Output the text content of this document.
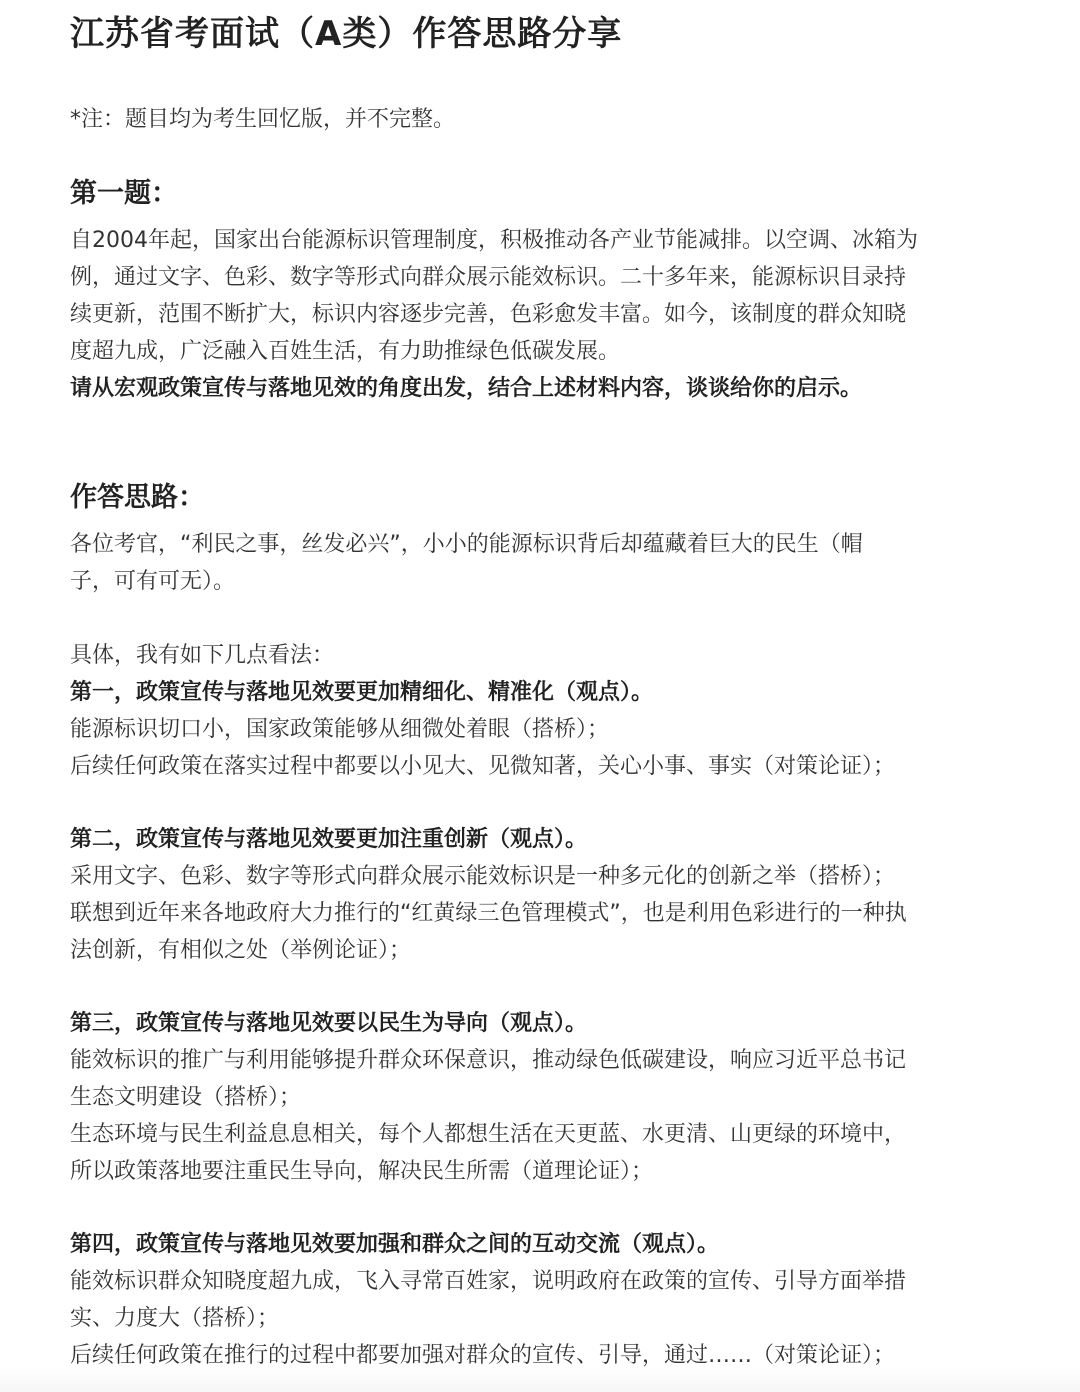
江苏省考面试（A类）作答思路分享
*注：题目均为考生回忆版，并不完整。
第一题：

自2004年起，国家出台能源标识管理制度，积极推动各产业节能减排。以空调、冰箱为

例，通过文字、色彩、数字等形式向群众展示能效标识。二十多年来，能源标识目录持

续更新，范围不断扩大，标识内容逐步完善，色彩愈发丰富。如今，该制度的群众知晓

度超九成，广泛融入百姓生活，有力助推绿色低碳发展。

请从宏观政策宣传与落地见效的角度出发，结合上述材料内容，谈谈给你的启示。

作答思路：

各位考官，“利民之事，丝发必兴”，小小的能源标识背后却蕴藏着巨大的民生（帽

子，可有可无）。

具体，我有如下几点看法：

第一，政策宣传与落地见效要更加精细化、精准化（观点）。

能源标识切口小，国家政策能够从细微处着眼（搭桥）；

后续任何政策在落实过程中都要以小见大、见微知著，关心小事、事实（对策论证）；

第二，政策宣传与落地见效要更加注重创新（观点）。

采用文字、色彩、数字等形式向群众展示能效标识是一种多元化的创新之举（搭桥）；

联想到近年来各地政府大力推行的“红黄绿三色管理模式”，也是利用色彩进行的一种执

法创新，有相似之处（举例论证）；

第三，政策宣传与落地见效要以民生为导向（观点）。

能效标识的推广与利用能够提升群众环保意识，推动绿色低碳建设，响应习近平总书记

生态文明建设（搭桥）；

生态环境与民生利益息息相关，每个人都想生活在天更蓝、水更清、山更绿的环境中，

所以政策落地要注重民生导向，解决民生所需（道理论证）；

第四，政策宣传与落地见效要加强和群众之间的互动交流（观点）。

能效标识群众知晓度超九成，飞入寻常百姓家，说明政府在政策的宣传、引导方面举措

实、力度大（搭桥）；

后续任何政策在推行的过程中都要加强对群众的宣传、引导，通过……（对策论证）；
